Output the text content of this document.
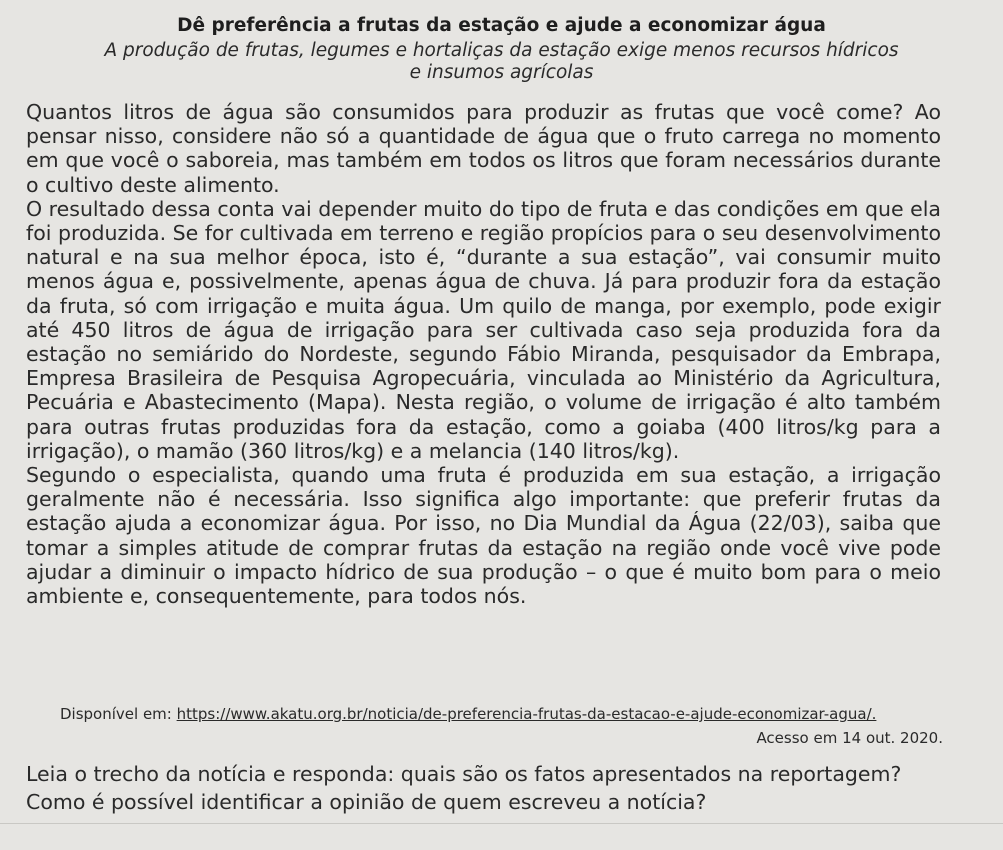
Dê preferência a frutas da estação e ajude a economizar água
A produção de frutas, legumes e hortaliças da estação exige menos recursos hídricos e insumos agrícolas

Quantos litros de água são consumidos para produzir as frutas que você come? Ao pensar nisso, considere não só a quantidade de água que o fruto carrega no momento em que você o saboreia, mas também em todos os litros que foram necessários durante o cultivo deste alimento.

O resultado dessa conta vai depender muito do tipo de fruta e das condições em que ela foi produzida. Se for cultivada em terreno e região propícios para o seu desenvolvimento natural e na sua melhor época, isto é, “durante a sua estação”, vai consumir muito menos água e, possivelmente, apenas água de chuva. Já para produzir fora da estação da fruta, só com irrigação e muita água. Um quilo de manga, por exemplo, pode exigir até 450 litros de água de irrigação para ser cultivada caso seja produzida fora da estação no semiárido do Nordeste, segundo Fábio Miranda, pesquisador da Embrapa, Empresa Brasileira de Pesquisa Agropecuária, vinculada ao Ministério da Agricultura, Pecuária e Abastecimento (Mapa). Nesta região, o volume de irrigação é alto também para outras frutas produzidas fora da estação, como a goiaba (400 litros/kg para a irrigação), o mamão (360 litros/kg) e a melancia (140 litros/kg).

Segundo o especialista, quando uma fruta é produzida em sua estação, a irrigação geralmente não é necessária. Isso significa algo importante: que preferir frutas da estação ajuda a economizar água. Por isso, no Dia Mundial da Água (22/03), saiba que tomar a simples atitude de comprar frutas da estação na região onde você vive pode ajudar a diminuir o impacto hídrico de sua produção – o que é muito bom para o meio ambiente e, consequentemente, para todos nós.

Disponível em: https://www.akatu.org.br/noticia/de-preferencia-frutas-da-estacao-e-ajude-economizar-agua/.
Acesso em 14 out. 2020.
Leia o trecho da notícia e responda: quais são os fatos apresentados na reportagem? Como é possível identificar a opinião de quem escreveu a notícia?
